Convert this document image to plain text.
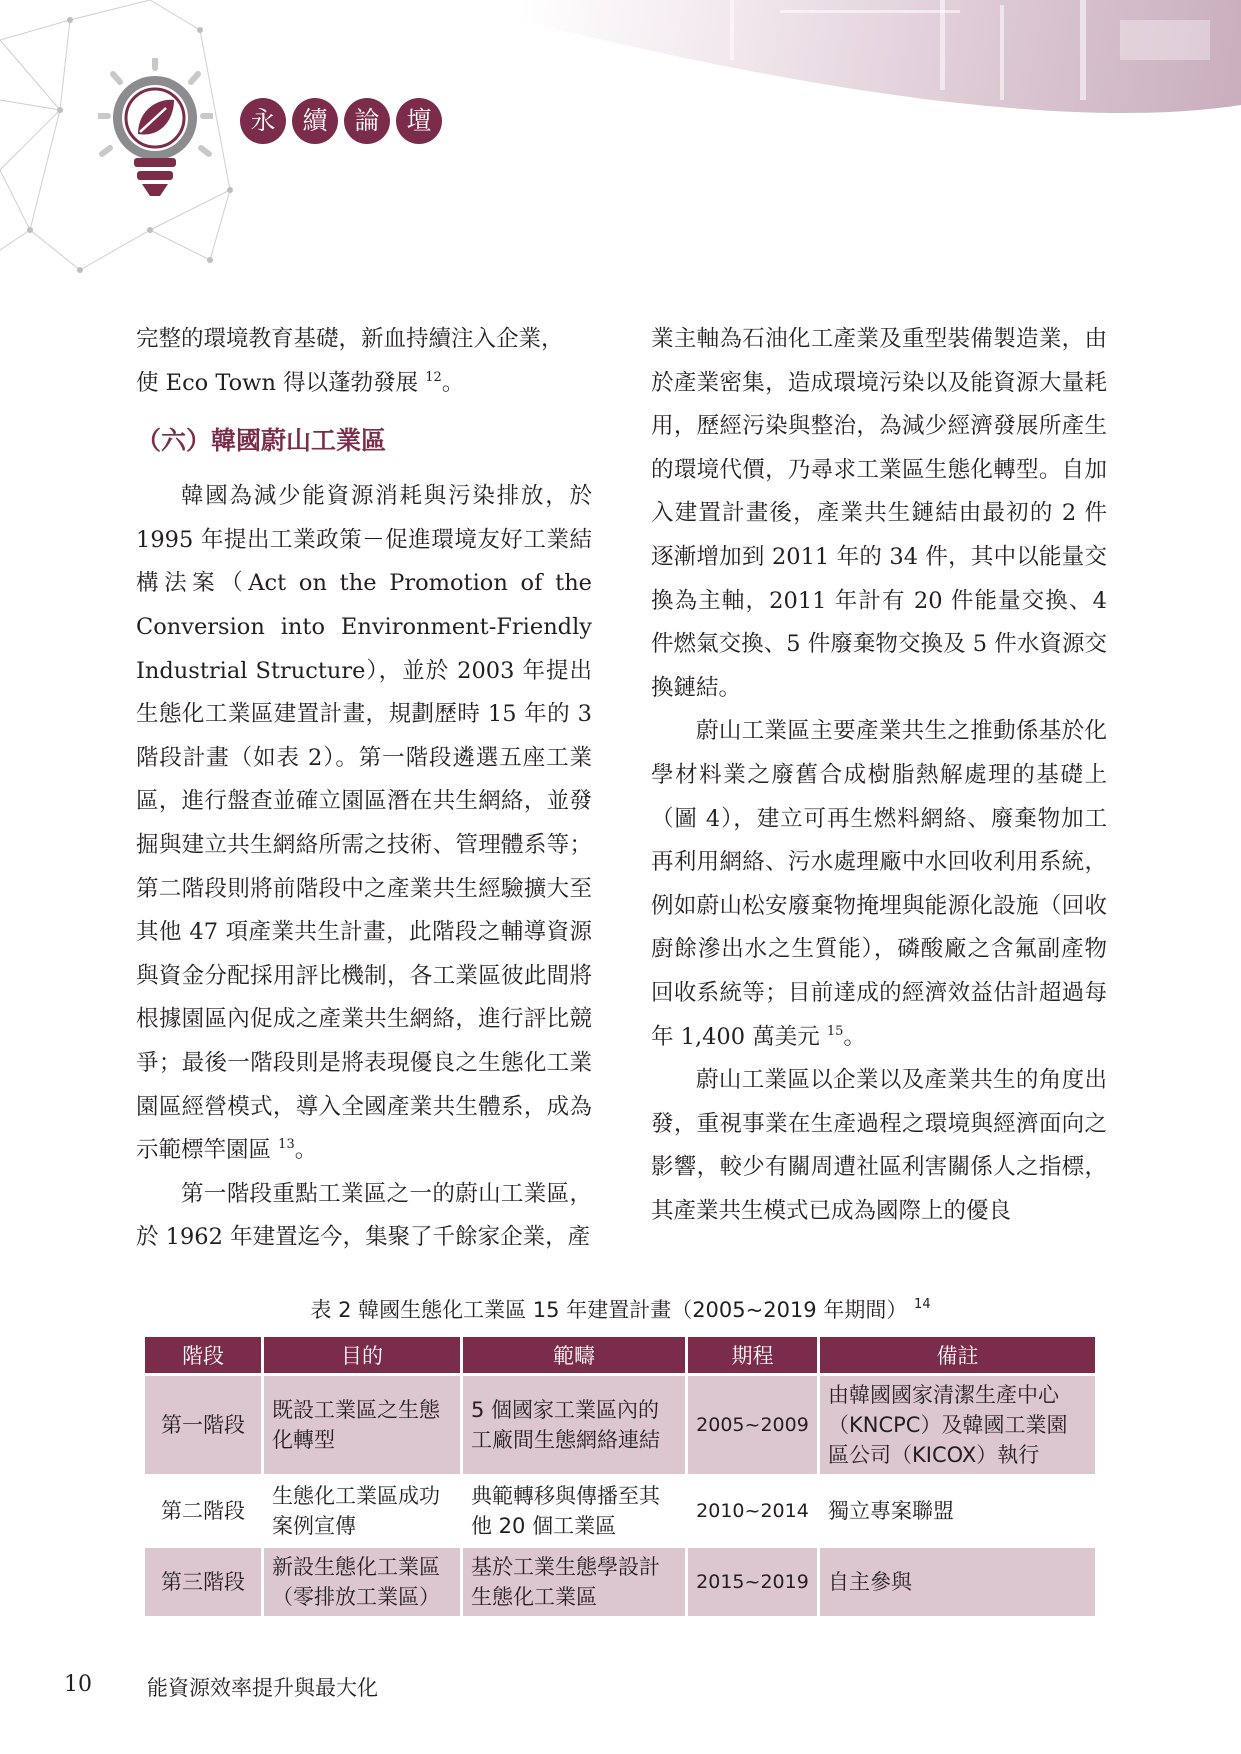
永	續	論	壇

完整的環境教育基礎，新血持續注入企業，
使 Eco Town 得以蓬勃發展 $^{12}$。

（六）韓國蔚山工業區

韓國為減少能資源消耗與污染排放，於 1995 年提出工業政策－促進環境友好工業結構法案（Act on the Promotion of the Conversion into Environment-Friendly Industrial Structure），並於 2003 年提出生態化工業區建置計畫，規劃歷時 15 年的 3 階段計畫（如表 2）。第一階段遴選五座工業區，進行盤查並確立園區潛在共生網絡，並發掘與建立共生網絡所需之技術、管理體系等；第二階段則將前階段中之產業共生經驗擴大至其他 47 項產業共生計畫，此階段之輔導資源與資金分配採用評比機制，各工業區彼此間將根據園區內促成之產業共生網絡，進行評比競爭；最後一階段則是將表現優良之生態化工業園區經營模式，導入全國產業共生體系，成為示範標竿園區 $^{13}$。

第一階段重點工業區之一的蔚山工業區，於 1962 年建置迄今，集聚了千餘家企業，產

業主軸為石油化工產業及重型裝備製造業，由於產業密集，造成環境污染以及能資源大量耗用，歷經污染與整治，為減少經濟發展所產生的環境代價，乃尋求工業區生態化轉型。自加入建置計畫後，產業共生鏈結由最初的 2 件逐漸增加到 2011 年的 34 件，其中以能量交換為主軸，2011 年計有 20 件能量交換、4 件燃氣交換、5 件廢棄物交換及 5 件水資源交換鏈結。

蔚山工業區主要產業共生之推動係基於化學材料業之廢舊合成樹脂熱解處理的基礎上（圖 4），建立可再生燃料網絡、廢棄物加工再利用網絡、污水處理廠中水回收利用系統，例如蔚山松安廢棄物掩埋與能源化設施（回收廚餘滲出水之生質能），磷酸廠之含氟副產物回收系統等；目前達成的經濟效益估計超過每年 1,400 萬美元 $^{15}$。

蔚山工業區以企業以及產業共生的角度出發，重視事業在生產過程之環境與經濟面向之影響，較少有關周遭社區利害關係人之指標，其產業共生模式已成為國際上的優良

表 2 韓國生態化工業區 15 年建置計畫（2005~2019 年期間） $^{14}$
階段	目的	範疇	期程	備註
第一階段	既設工業區之生態化轉型	5 個國家工業區內的工廠間生態網絡連結	2005~2009	由韓國國家清潔生產中心（KNCPC）及韓國工業園區公司（KICOX）執行
第二階段	生態化工業區成功案例宣傳	典範轉移與傳播至其他 20 個工業區	2010~2014	獨立專案聯盟
第三階段	新設生態化工業區（零排放工業區）	基於工業生態學設計生態化工業區	2015~2019	自主參與
10	能資源效率提升與最大化
